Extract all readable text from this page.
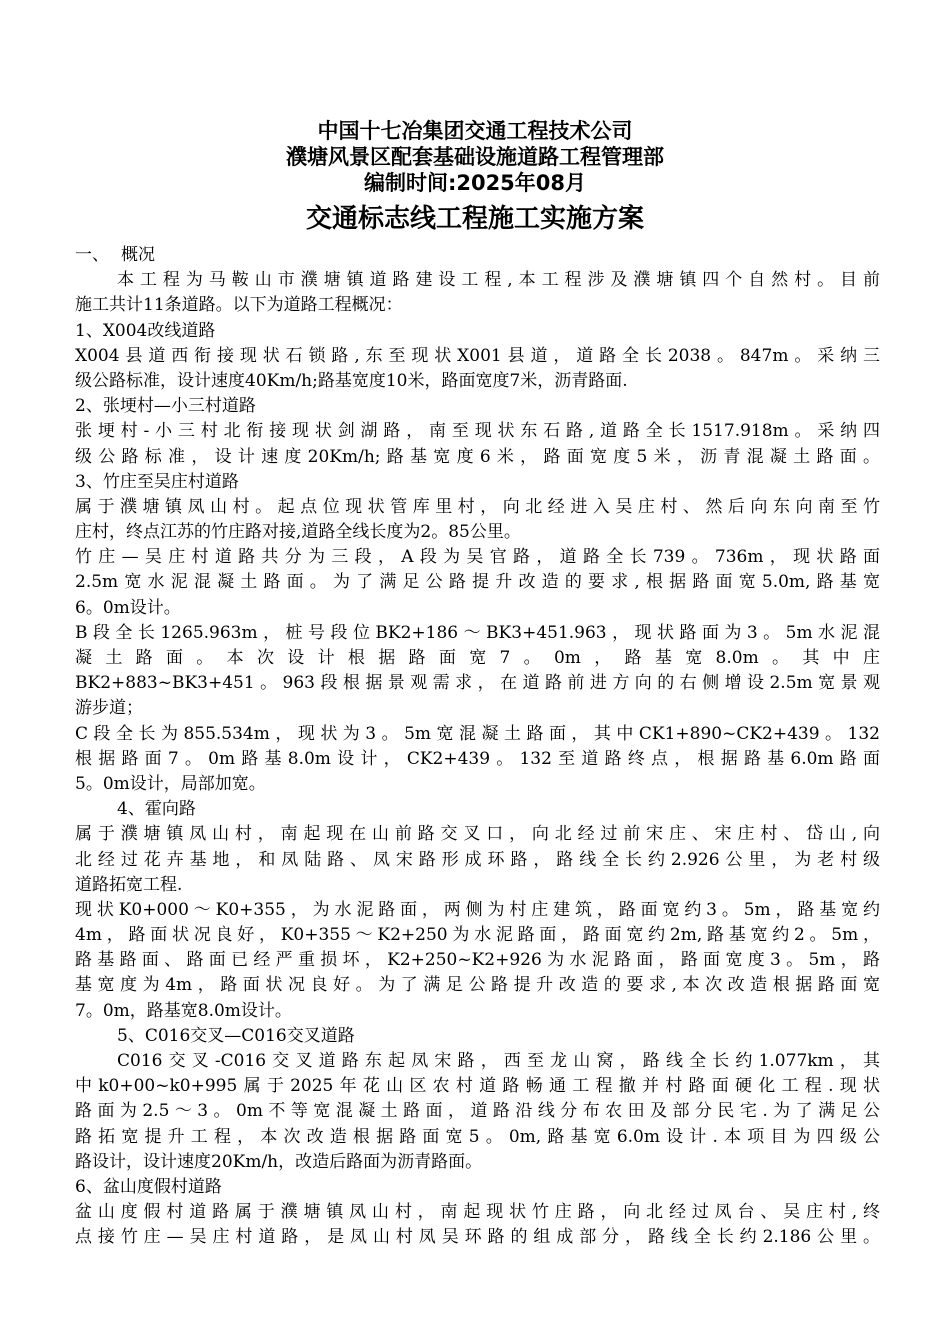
中国十七冶集团交通工程技术公司
濮塘风景区配套基础设施道路工程管理部
编制时间:2025年08月
交通标志线工程施工实施方案
一、 概况
本工程为马鞍山市濮塘镇道路建设工程,本工程涉及濮塘镇四个自然村。目前
施工共计11条道路。以下为道路工程概况：
1、X004改线道路
X004县道西衔接现状石锁路,东至现状X001县道，道路全长2038。847m。采纳三
级公路标准，设计速度40Km/h;路基宽度10米，路面宽度7米，沥青路面.
2、张埂村—小三村道路
张埂村-小三村北衔接现状剑湖路，南至现状东石路,道路全长1517.918m。采纳四
级公路标准，设计速度20Km/h;路基宽度6米，路面宽度5米，沥青混凝土路面。
3、竹庄至吴庄村道路
属于濮塘镇凤山村。起点位现状管库里村，向北经进入吴庄村、然后向东向南至竹
庄村，终点江苏的竹庄路对接,道路全线长度为2。85公里。
竹庄—吴庄村道路共分为三段，A段为吴官路，道路全长739。736m，现状路面
2.5m宽水泥混凝土路面。为了满足公路提升改造的要求,根据路面宽5.0m,路基宽
6。0m设计。
B段全长1265.963m，桩号段位BK2+186～BK3+451.963，现状路面为3。5m水泥混
凝土路面。本次设计根据路面宽7。0m，路基宽8.0m。其中庄
BK2+883~BK3+451。963段根据景观需求，在道路前进方向的右侧增设2.5m宽景观
游步道；
C段全长为855.534m，现状为3。5m宽混凝土路面，其中CK1+890~CK2+439。132
根据路面7。0m路基8.0m设计，CK2+439。132至道路终点，根据路基6.0m路面
5。0m设计，局部加宽。
4、霍向路
属于濮塘镇凤山村，南起现在山前路交叉口，向北经过前宋庄、宋庄村、岱山,向
北经过花卉基地，和凤陆路、凤宋路形成环路，路线全长约2.926公里，为老村级
道路拓宽工程.
现状K0+000～K0+355，为水泥路面，两侧为村庄建筑，路面宽约3。5m，路基宽约
4m，路面状况良好，K0+355～K2+250为水泥路面，路面宽约2m,路基宽约2。5m，
路基路面、路面已经严重损坏，K2+250~K2+926为水泥路面，路面宽度3。5m，路
基宽度为4m，路面状况良好。为了满足公路提升改造的要求,本次改造根据路面宽
7。0m，路基宽8.0m设计。
5、C016交叉—C016交叉道路
C016交叉-C016交叉道路东起凤宋路，西至龙山窝，路线全长约1.077km，其
中k0+00~k0+995属于2025年花山区农村道路畅通工程撤并村路面硬化工程.现状
路面为2.5～3。0m不等宽混凝土路面，道路沿线分布农田及部分民宅.为了满足公
路拓宽提升工程，本次改造根据路面宽5。0m,路基宽6.0m设计.本项目为四级公
路设计，设计速度20Km/h，改造后路面为沥青路面。
6、盆山度假村道路
盆山度假村道路属于濮塘镇凤山村，南起现状竹庄路，向北经过凤台、吴庄村,终
点接竹庄—吴庄村道路，是凤山村凤吴环路的组成部分，路线全长约2.186公里。
